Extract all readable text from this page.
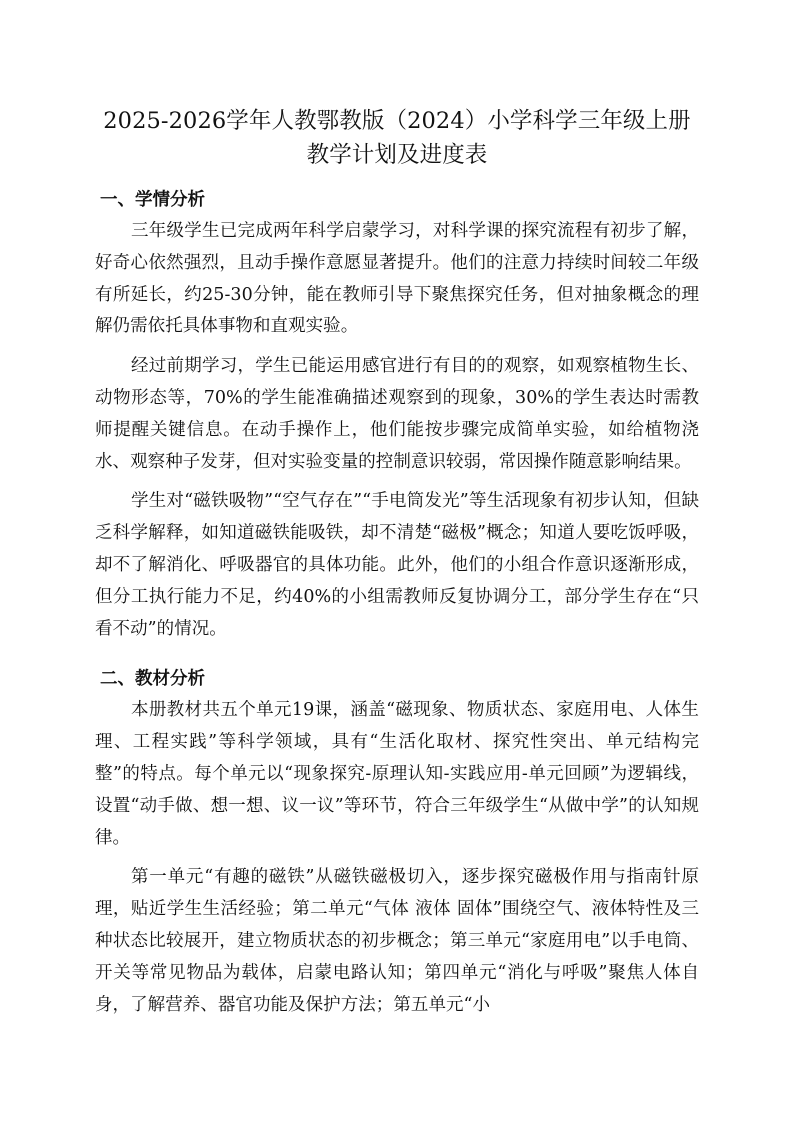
2025-2026学年人教鄂教版（2024）小学科学三年级上册
教学计划及进度表
一、学情分析

三年级学生已完成两年科学启蒙学习，对科学课的探究流程有初步了解，好奇心依然强烈，且动手操作意愿显著提升。他们的注意力持续时间较二年级有所延长，约25-30分钟，能在教师引导下聚焦探究任务，但对抽象概念的理解仍需依托具体事物和直观实验。

经过前期学习，学生已能运用感官进行有目的的观察，如观察植物生长、动物形态等，70%的学生能准确描述观察到的现象，30%的学生表达时需教师提醒关键信息。在动手操作上，他们能按步骤完成简单实验，如给植物浇水、观察种子发芽，但对实验变量的控制意识较弱，常因操作随意影响结果。

学生对“磁铁吸物”“空气存在”“手电筒发光”等生活现象有初步认知，但缺乏科学解释，如知道磁铁能吸铁，却不清楚“磁极”概念；知道人要吃饭呼吸，却不了解消化、呼吸器官的具体功能。此外，他们的小组合作意识逐渐形成，但分工执行能力不足，约40%的小组需教师反复协调分工，部分学生存在“只看不动”的情况。

二、教材分析

本册教材共五个单元19课，涵盖“磁现象、物质状态、家庭用电、人体生理、工程实践”等科学领域，具有“生活化取材、探究性突出、单元结构完整”的特点。每个单元以“现象探究-原理认知-实践应用-单元回顾”为逻辑线，设置“动手做、想一想、议一议”等环节，符合三年级学生“从做中学”的认知规律。

第一单元“有趣的磁铁”从磁铁磁极切入，逐步探究磁极作用与指南针原理，贴近学生生活经验；第二单元“气体 液体 固体”围绕空气、液体特性及三种状态比较展开，建立物质状态的初步概念；第三单元“家庭用电”以手电筒、开关等常见物品为载体，启蒙电路认知；第四单元“消化与呼吸”聚焦人体自身，了解营养、器官功能及保护方法；第五单元“小
